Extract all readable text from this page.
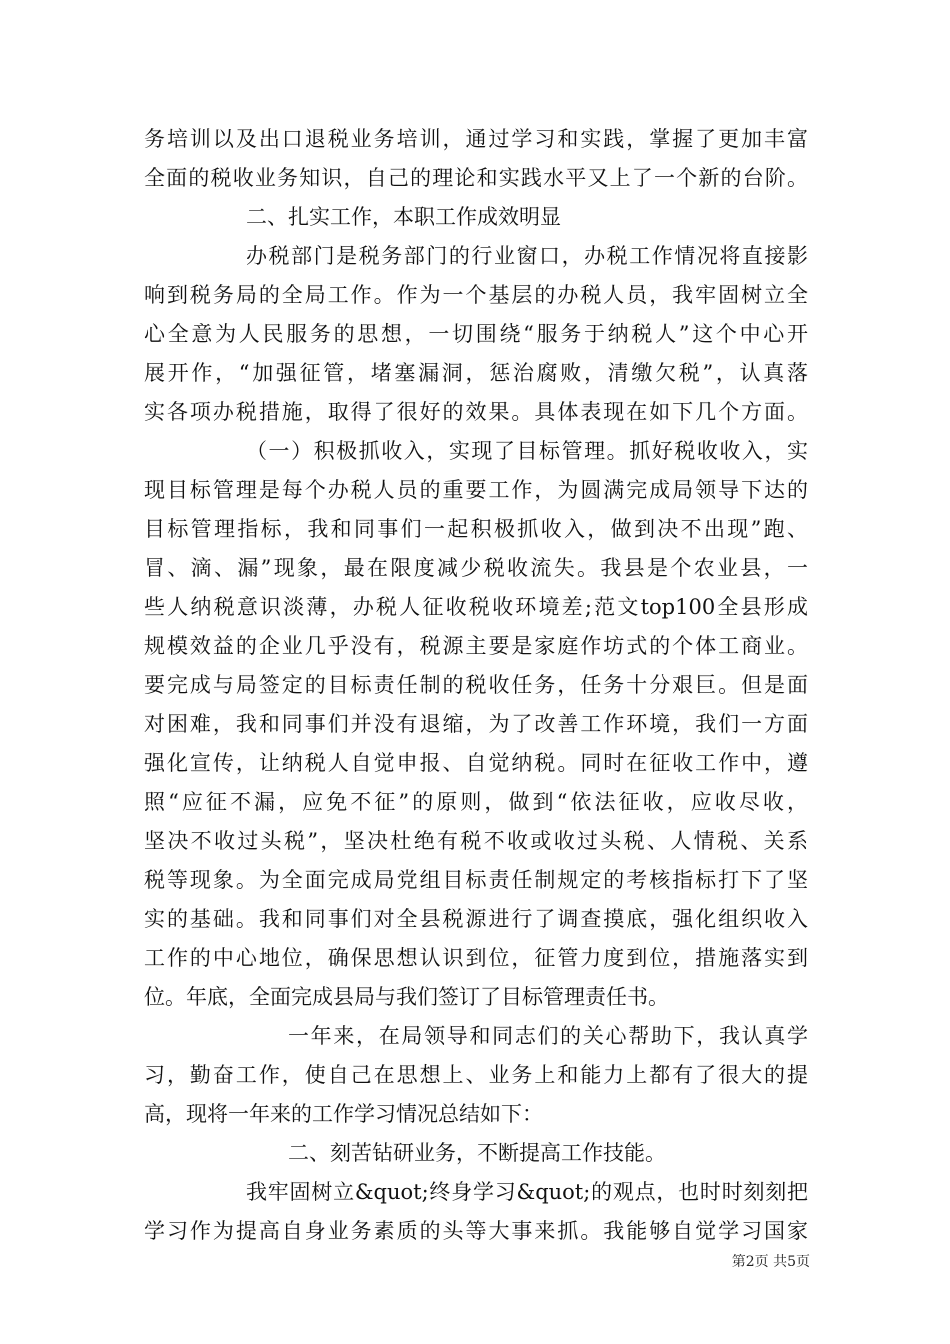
务培训以及出口退税业务培训，通过学习和实践，掌握了更加丰富
全面的税收业务知识，自己的理论和实践水平又上了一个新的台阶。
二、扎实工作，本职工作成效明显
办税部门是税务部门的行业窗口，办税工作情况将直接影
响到税务局的全局工作。作为一个基层的办税人员，我牢固树立全
心全意为人民服务的思想，一切围绕“服务于纳税人”这个中心开
展开作，“加强征管，堵塞漏洞，惩治腐败，清缴欠税”，认真落
实各项办税措施，取得了很好的效果。具体表现在如下几个方面。
（一）积极抓收入，实现了目标管理。抓好税收收入，实
现目标管理是每个办税人员的重要工作，为圆满完成局领导下达的
目标管理指标，我和同事们一起积极抓收入，做到决不出现”跑、
冒、滴、漏”现象，最在限度减少税收流失。我县是个农业县，一
些人纳税意识淡薄，办税人征收税收环境差;范文top100全县形成
规模效益的企业几乎没有，税源主要是家庭作坊式的个体工商业。
要完成与局签定的目标责任制的税收任务，任务十分艰巨。但是面
对困难，我和同事们并没有退缩，为了改善工作环境，我们一方面
强化宣传，让纳税人自觉申报、自觉纳税。同时在征收工作中，遵
照“应征不漏，应免不征”的原则，做到“依法征收，应收尽收，
坚决不收过头税”，坚决杜绝有税不收或收过头税、人情税、关系
税等现象。为全面完成局党组目标责任制规定的考核指标打下了坚
实的基础。我和同事们对全县税源进行了调查摸底，强化组织收入
工作的中心地位，确保思想认识到位，征管力度到位，措施落实到
位。年底，全面完成县局与我们签订了目标管理责任书。
一年来，在局领导和同志们的关心帮助下，我认真学
习，勤奋工作，使自己在思想上、业务上和能力上都有了很大的提
高，现将一年来的工作学习情况总结如下：
二、刻苦钻研业务，不断提高工作技能。
我牢固树立&quot;终身学习&quot;的观点，也时时刻刻把
学习作为提高自身业务素质的头等大事来抓。我能够自觉学习国家
第2页 共5页
